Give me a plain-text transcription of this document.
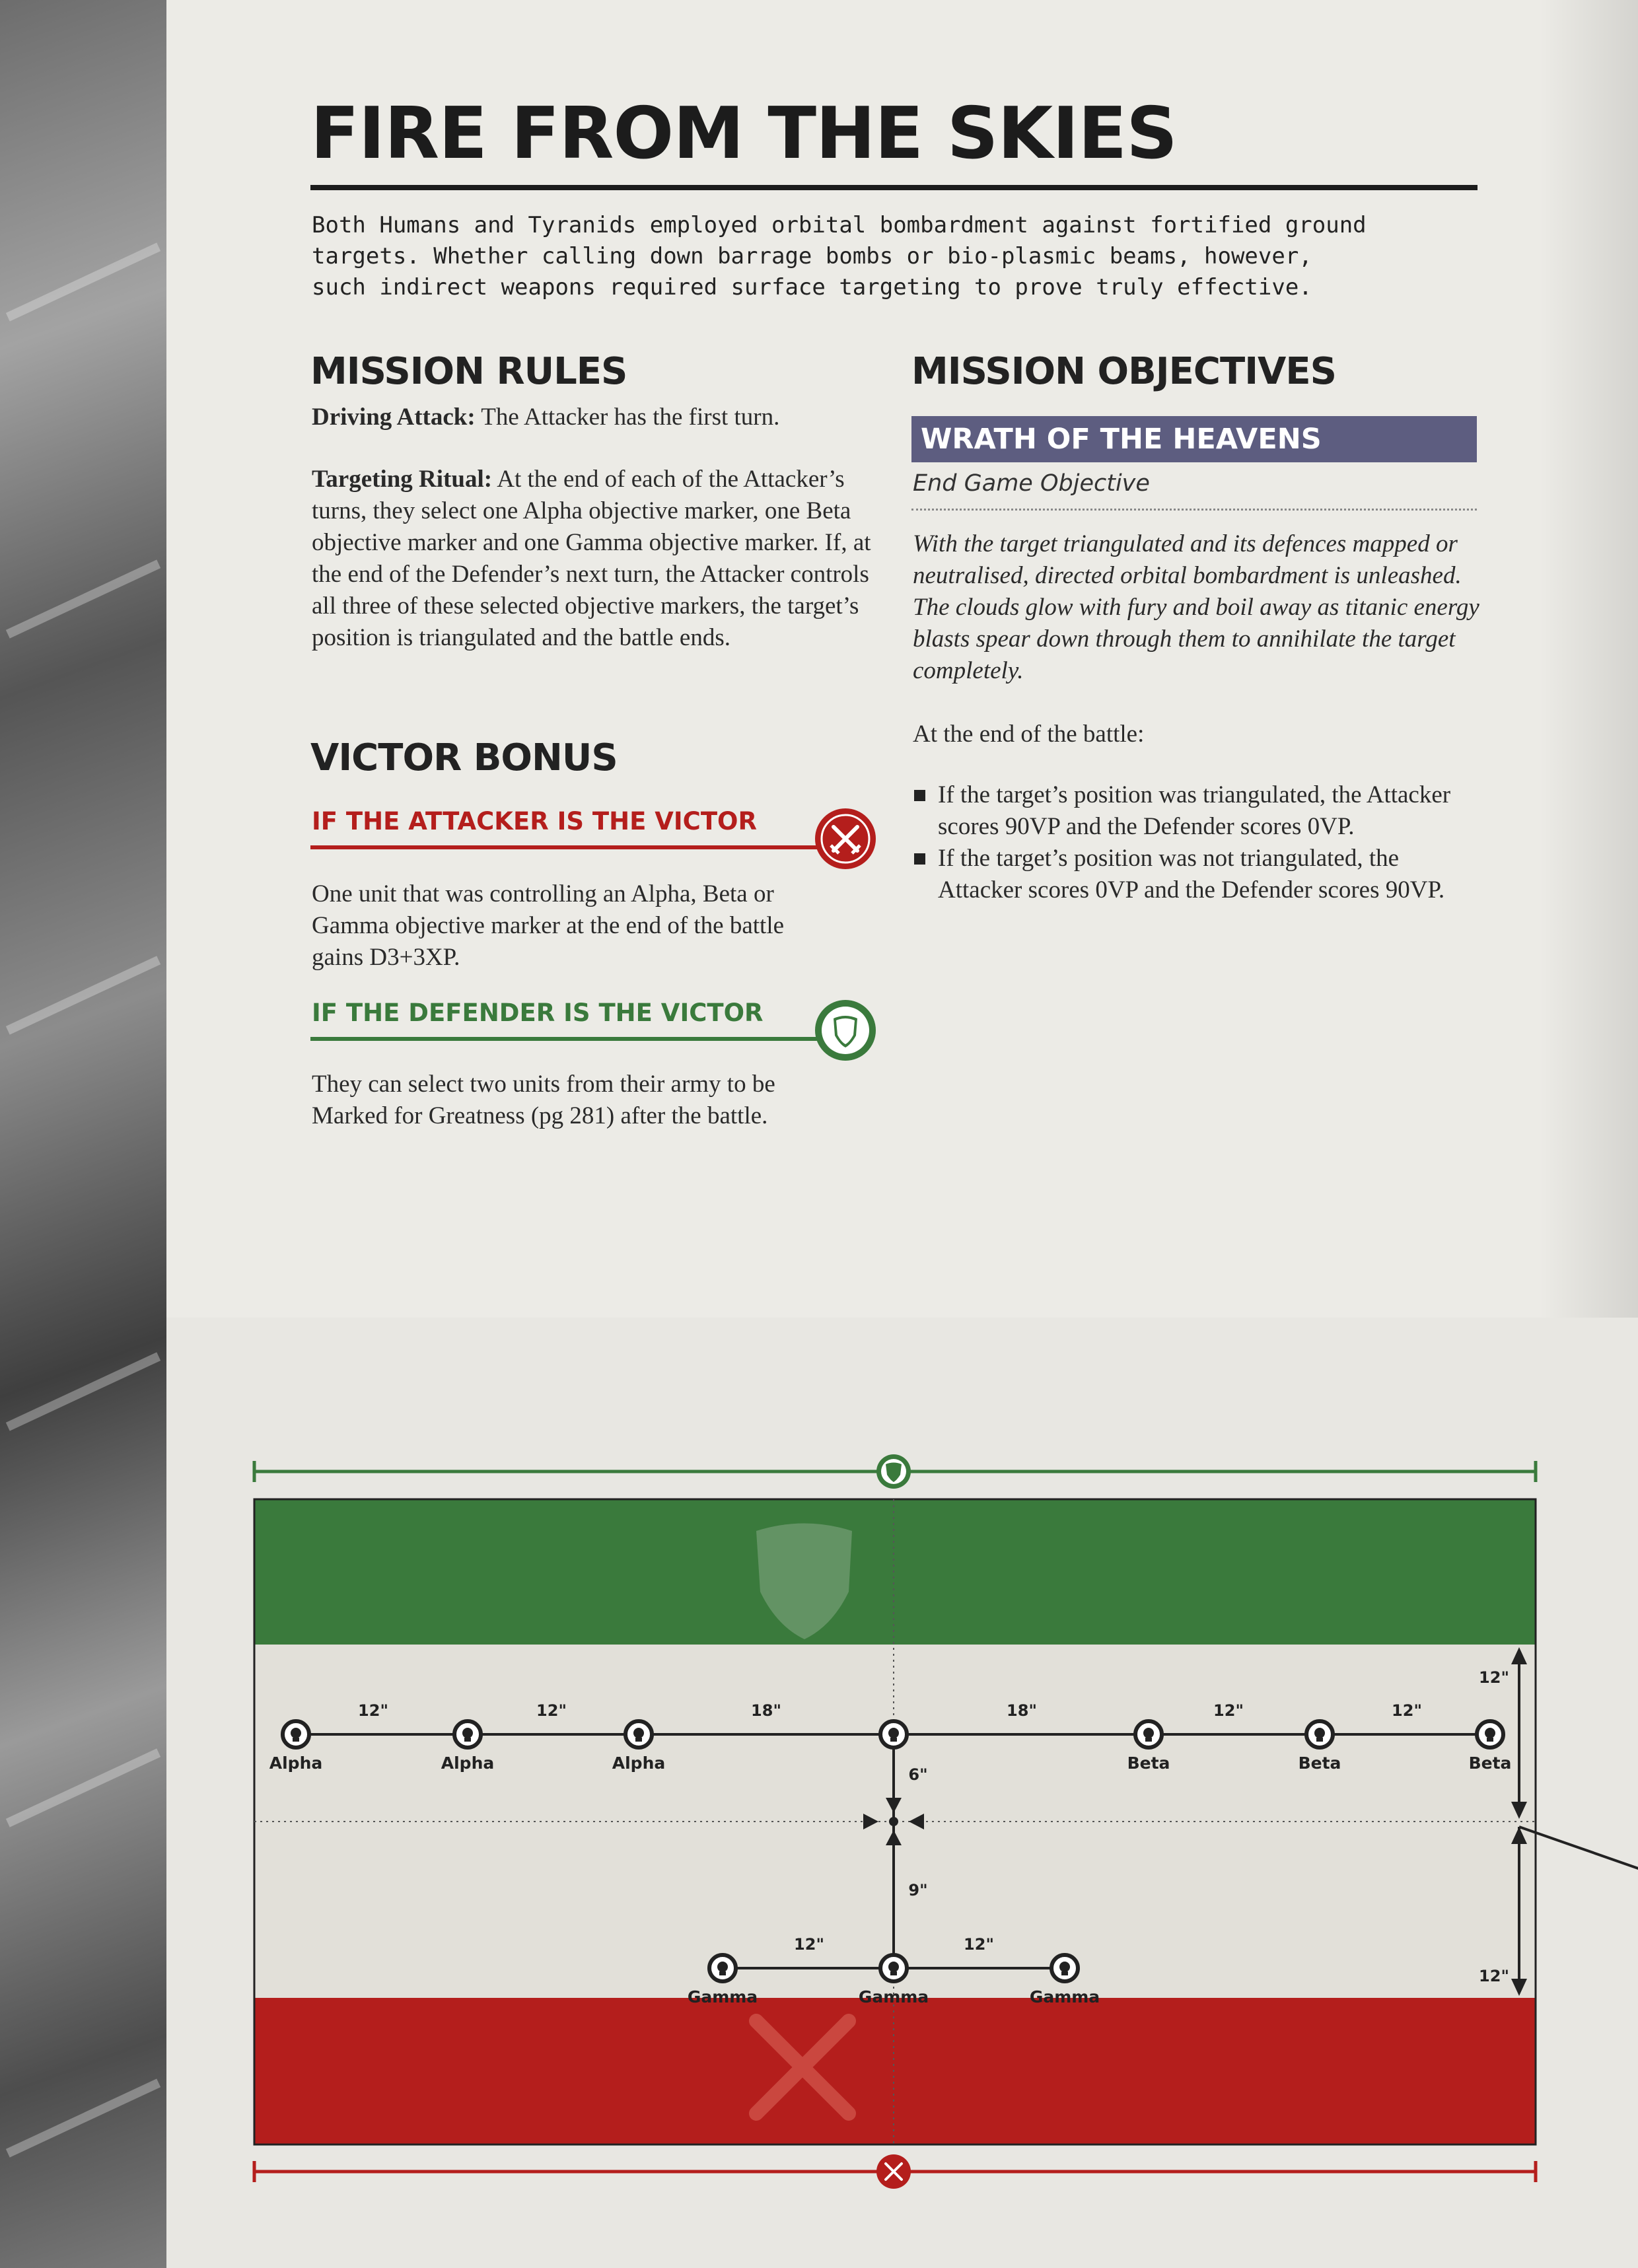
FIRE FROM THE SKIES
Both Humans and Tyranids employed orbital bombardment against fortified ground
targets. Whether calling down barrage bombs or bio-plasmic beams, however,
such indirect weapons required surface targeting to prove truly effective.
MISSION RULES
Driving Attack: The Attacker has the first turn.
Targeting Ritual: At the end of each of the Attacker’s turns, they select one Alpha objective marker, one Beta objective marker and one Gamma objective marker. If, at the end of the Defender’s next turn, the Attacker controls all three of these selected objective markers, the target’s position is triangulated and the battle ends.
VICTOR BONUS
IF THE ATTACKER IS THE VICTOR
One unit that was controlling an Alpha, Beta or Gamma objective marker at the end of the battle gains D3+3XP.
IF THE DEFENDER IS THE VICTOR
They can select two units from their army to be Marked for Greatness (pg 281) after the battle.
MISSION OBJECTIVES
WRATH OF THE HEAVENS
End Game Objective
With the target triangulated and its defences mapped or neutralised, directed orbital bombardment is unleashed. The clouds glow with fury and boil away as titanic energy blasts spear down through them to annihilate the target completely.
At the end of the battle:
If the target’s position was triangulated, the Attacker scores 90VP and the Defender scores 0VP.
If the target’s position was not triangulated, the Attacker scores 0VP and the Defender scores 90VP.
Alpha	Alpha	Alpha	Beta	Beta	Beta
Gamma	Gamma	Gamma
12"	12"	18"	18"	12"	12"
6"
9"
12"	12"
12"
12"
